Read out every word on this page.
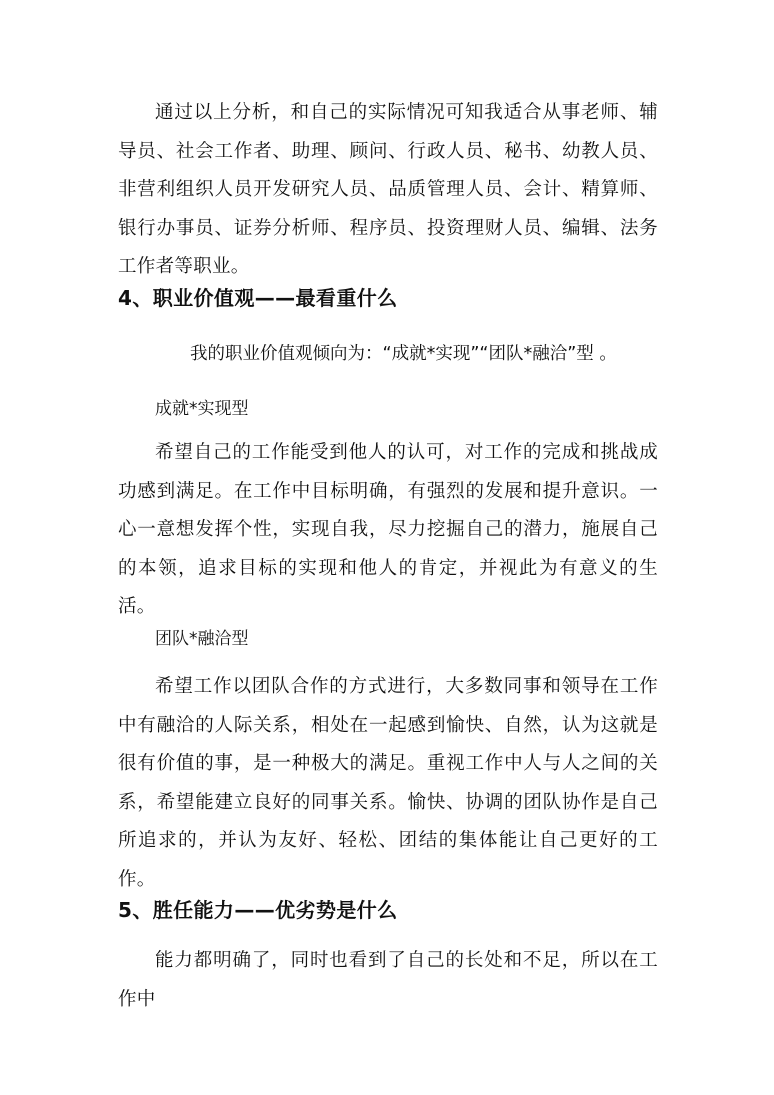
通过以上分析，和自己的实际情况可知我适合从事老师、辅导员、社会工作者、助理、顾问、行政人员、秘书、幼教人员、非营利组织人员开发研究人员、品质管理人员、会计、精算师、银行办事员、证券分析师、程序员、投资理财人员、编辑、法务工作者等职业。

4、职业价值观——最看重什么

我的职业价值观倾向为：“成就*实现”“团队*融洽”型 。

成就*实现型

希望自己的工作能受到他人的认可，对工作的完成和挑战成功感到满足。在工作中目标明确，有强烈的发展和提升意识。一心一意想发挥个性，实现自我，尽力挖掘自己的潜力，施展自己的本领，追求目标的实现和他人的肯定，并视此为有意义的生活。

团队*融洽型

希望工作以团队合作的方式进行，大多数同事和领导在工作中有融洽的人际关系，相处在一起感到愉快、自然，认为这就是很有价值的事，是一种极大的满足。重视工作中人与人之间的关系，希望能建立良好的同事关系。愉快、协调的团队协作是自己所追求的，并认为友好、轻松、团结的集体能让自己更好的工作。

5、胜任能力——优劣势是什么

能力都明确了，同时也看到了自己的长处和不足，所以在工作中
